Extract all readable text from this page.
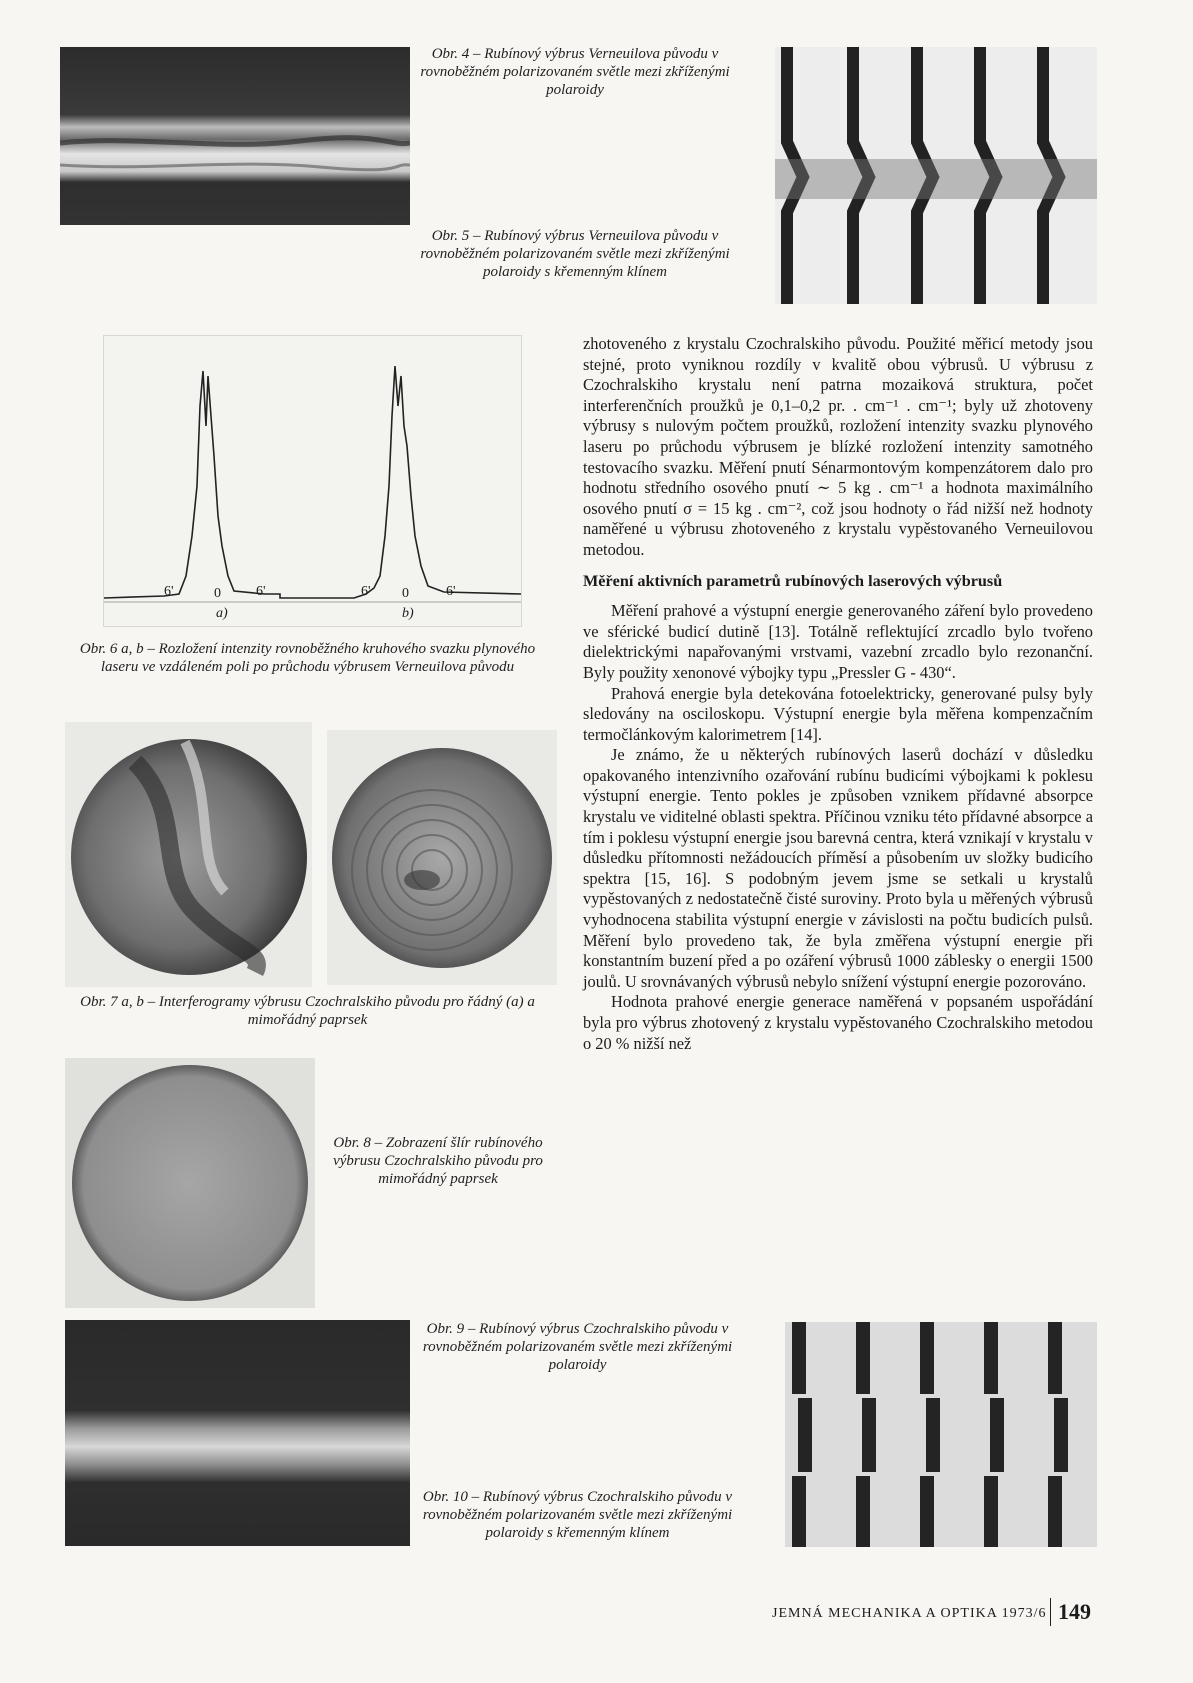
Obr. 4 – Rubínový výbrus Verneuilova původu v rovnoběžném polarizovaném světle mezi zkříženými polaroidy
Obr. 5 – Rubínový výbrus Verneuilova původu v rovnoběžném polarizovaném světle mezi zkříženými polaroidy s křemenným klínem
6'	0	6'
a)
6' 0	6'
b)
Obr. 6 a, b – Rozložení intenzity rovnoběžného kruhového svazku plynového laseru ve vzdáleném poli po průchodu výbrusem Verneuilova původu
Obr. 7 a, b – Interferogramy výbrusu Czochralskiho původu pro řádný (a) a mimořádný paprsek
Obr. 8 – Zobrazení šlír rubínového výbrusu Czochralskiho původu pro mimořádný paprsek

zhotoveného z krystalu Czochralskiho původu. Použité měřicí metody jsou stejné, proto vyniknou rozdíly v kvalitě obou výbrusů. U výbrusu z Czochralskiho krystalu není patrna mozaiková struktura, počet interferenčních proužků je 0,1–0,2 pr. . cm⁻¹ . cm⁻¹; byly už zhotoveny výbrusy s nulovým počtem proužků, rozložení intenzity svazku plynového laseru po průchodu výbrusem je blízké rozložení intenzity samotného testovacího svazku. Měření pnutí Sénarmontovým kompenzátorem dalo pro hodnotu středního osového pnutí ∼ 5 kg . cm⁻¹ a hodnota maximálního osového pnutí σ = 15 kg . cm⁻², což jsou hodnoty o řád nižší než hodnoty naměřené u výbrusu zhotoveného z krystalu vypěstovaného Verneuilovou metodou.

Měření aktivních parametrů rubínových laserových výbrusů

Měření prahové a výstupní energie generovaného záření bylo provedeno ve sférické budicí dutině [13]. Totálně reflektující zrcadlo bylo tvořeno dielektrickými napařovanými vrstvami, vazební zrcadlo bylo rezonanční. Byly použity xenonové výbojky typu „Pressler G - 430“.

Prahová energie byla detekována fotoelektricky, generované pulsy byly sledovány na osciloskopu. Výstupní energie byla měřena kompenzačním termočlánkovým kalorimetrem [14].

Je známo, že u některých rubínových laserů dochází v důsledku opakovaného intenzivního ozařování rubínu budicími výbojkami k poklesu výstupní energie. Tento pokles je způsoben vznikem přídavné absorpce krystalu ve viditelné oblasti spektra. Příčinou vzniku této přídavné absorpce a tím i poklesu výstupní energie jsou barevná centra, která vznikají v krystalu v důsledku přítomnosti nežádoucích příměsí a působením uv složky budicího spektra [15, 16]. S podobným jevem jsme se setkali u krystalů vypěstovaných z nedostatečně čisté suroviny. Proto byla u měřených výbrusů vyhodnocena stabilita výstupní energie v závislosti na počtu budicích pulsů. Měření bylo provedeno tak, že byla změřena výstupní energie při konstantním buzení před a po ozáření výbrusů 1000 záblesky o energii 1500 joulů. U srovnávaných výbrusů nebylo snížení výstupní energie pozorováno.

Hodnota prahové energie generace naměřená v popsaném uspořádání byla pro výbrus zhotovený z krystalu vypěstovaného Czochralskiho metodou o 20 % nižší než

Obr. 9 – Rubínový výbrus Czochralskiho původu v rovnoběžném polarizovaném světle mezi zkříženými polaroidy
Obr. 10 – Rubínový výbrus Czochralskiho původu v rovnoběžném polarizovaném světle mezi zkříženými polaroidy s křemenným klínem
JEMNÁ MECHANIKA A OPTIKA 1973/6 149
